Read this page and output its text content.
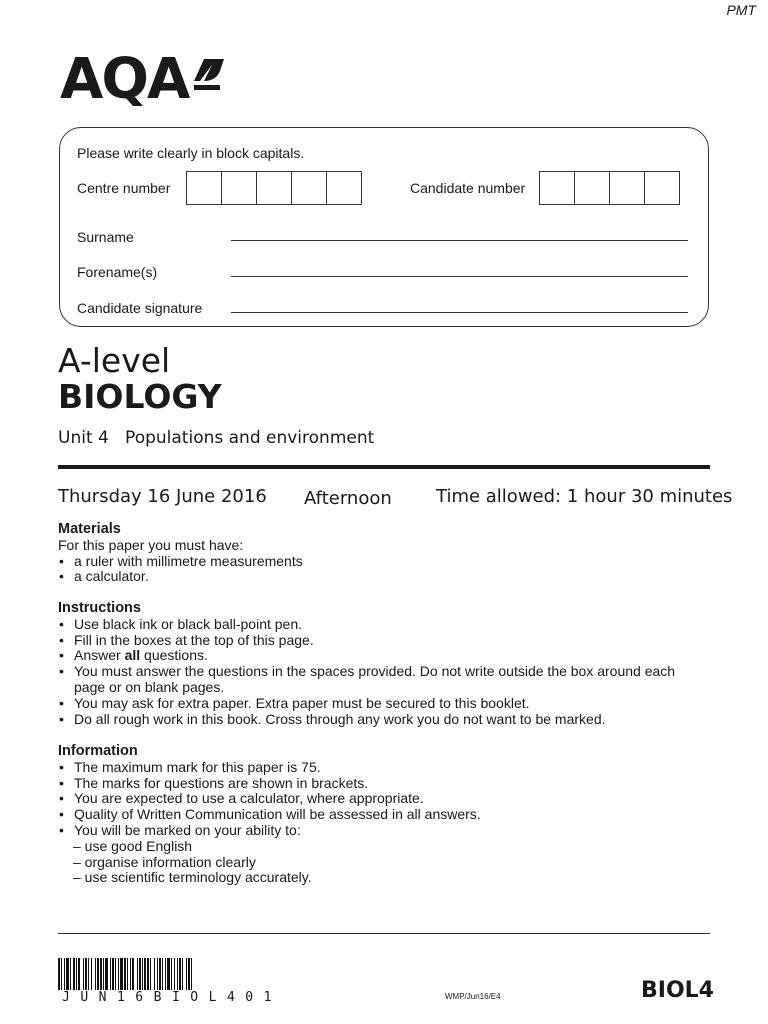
PMT
AQA
Please write clearly in block capitals.
Centre number	Candidate number
Surname
Forename(s)
Candidate signature
A-level
BIOLOGY
Unit 4 Populations and environment
Thursday 16 June 2016 Afternoon Time allowed: 1 hour 30 minutes
Materials
For this paper you must have:
• a ruler with millimetre measurements
• a calculator.
Instructions
• Use black ink or black ball-point pen.
• Fill in the boxes at the top of this page.
• Answer all questions.
• You must answer the questions in the spaces provided. Do not write outside the box around each page or on blank pages.
• You may ask for extra paper. Extra paper must be secured to this booklet.
• Do all rough work in this book. Cross through any work you do not want to be marked.
Information
• The maximum mark for this paper is 75.
• The marks for questions are shown in brackets.
• You are expected to use a calculator, where appropriate.
• Quality of Written Communication will be assessed in all answers.
• You will be marked on your ability to:
– use good English
– organise information clearly
– use scientific terminology accurately.
JUN16BIOL401	WMP/Jun16/E4	BIOL4
